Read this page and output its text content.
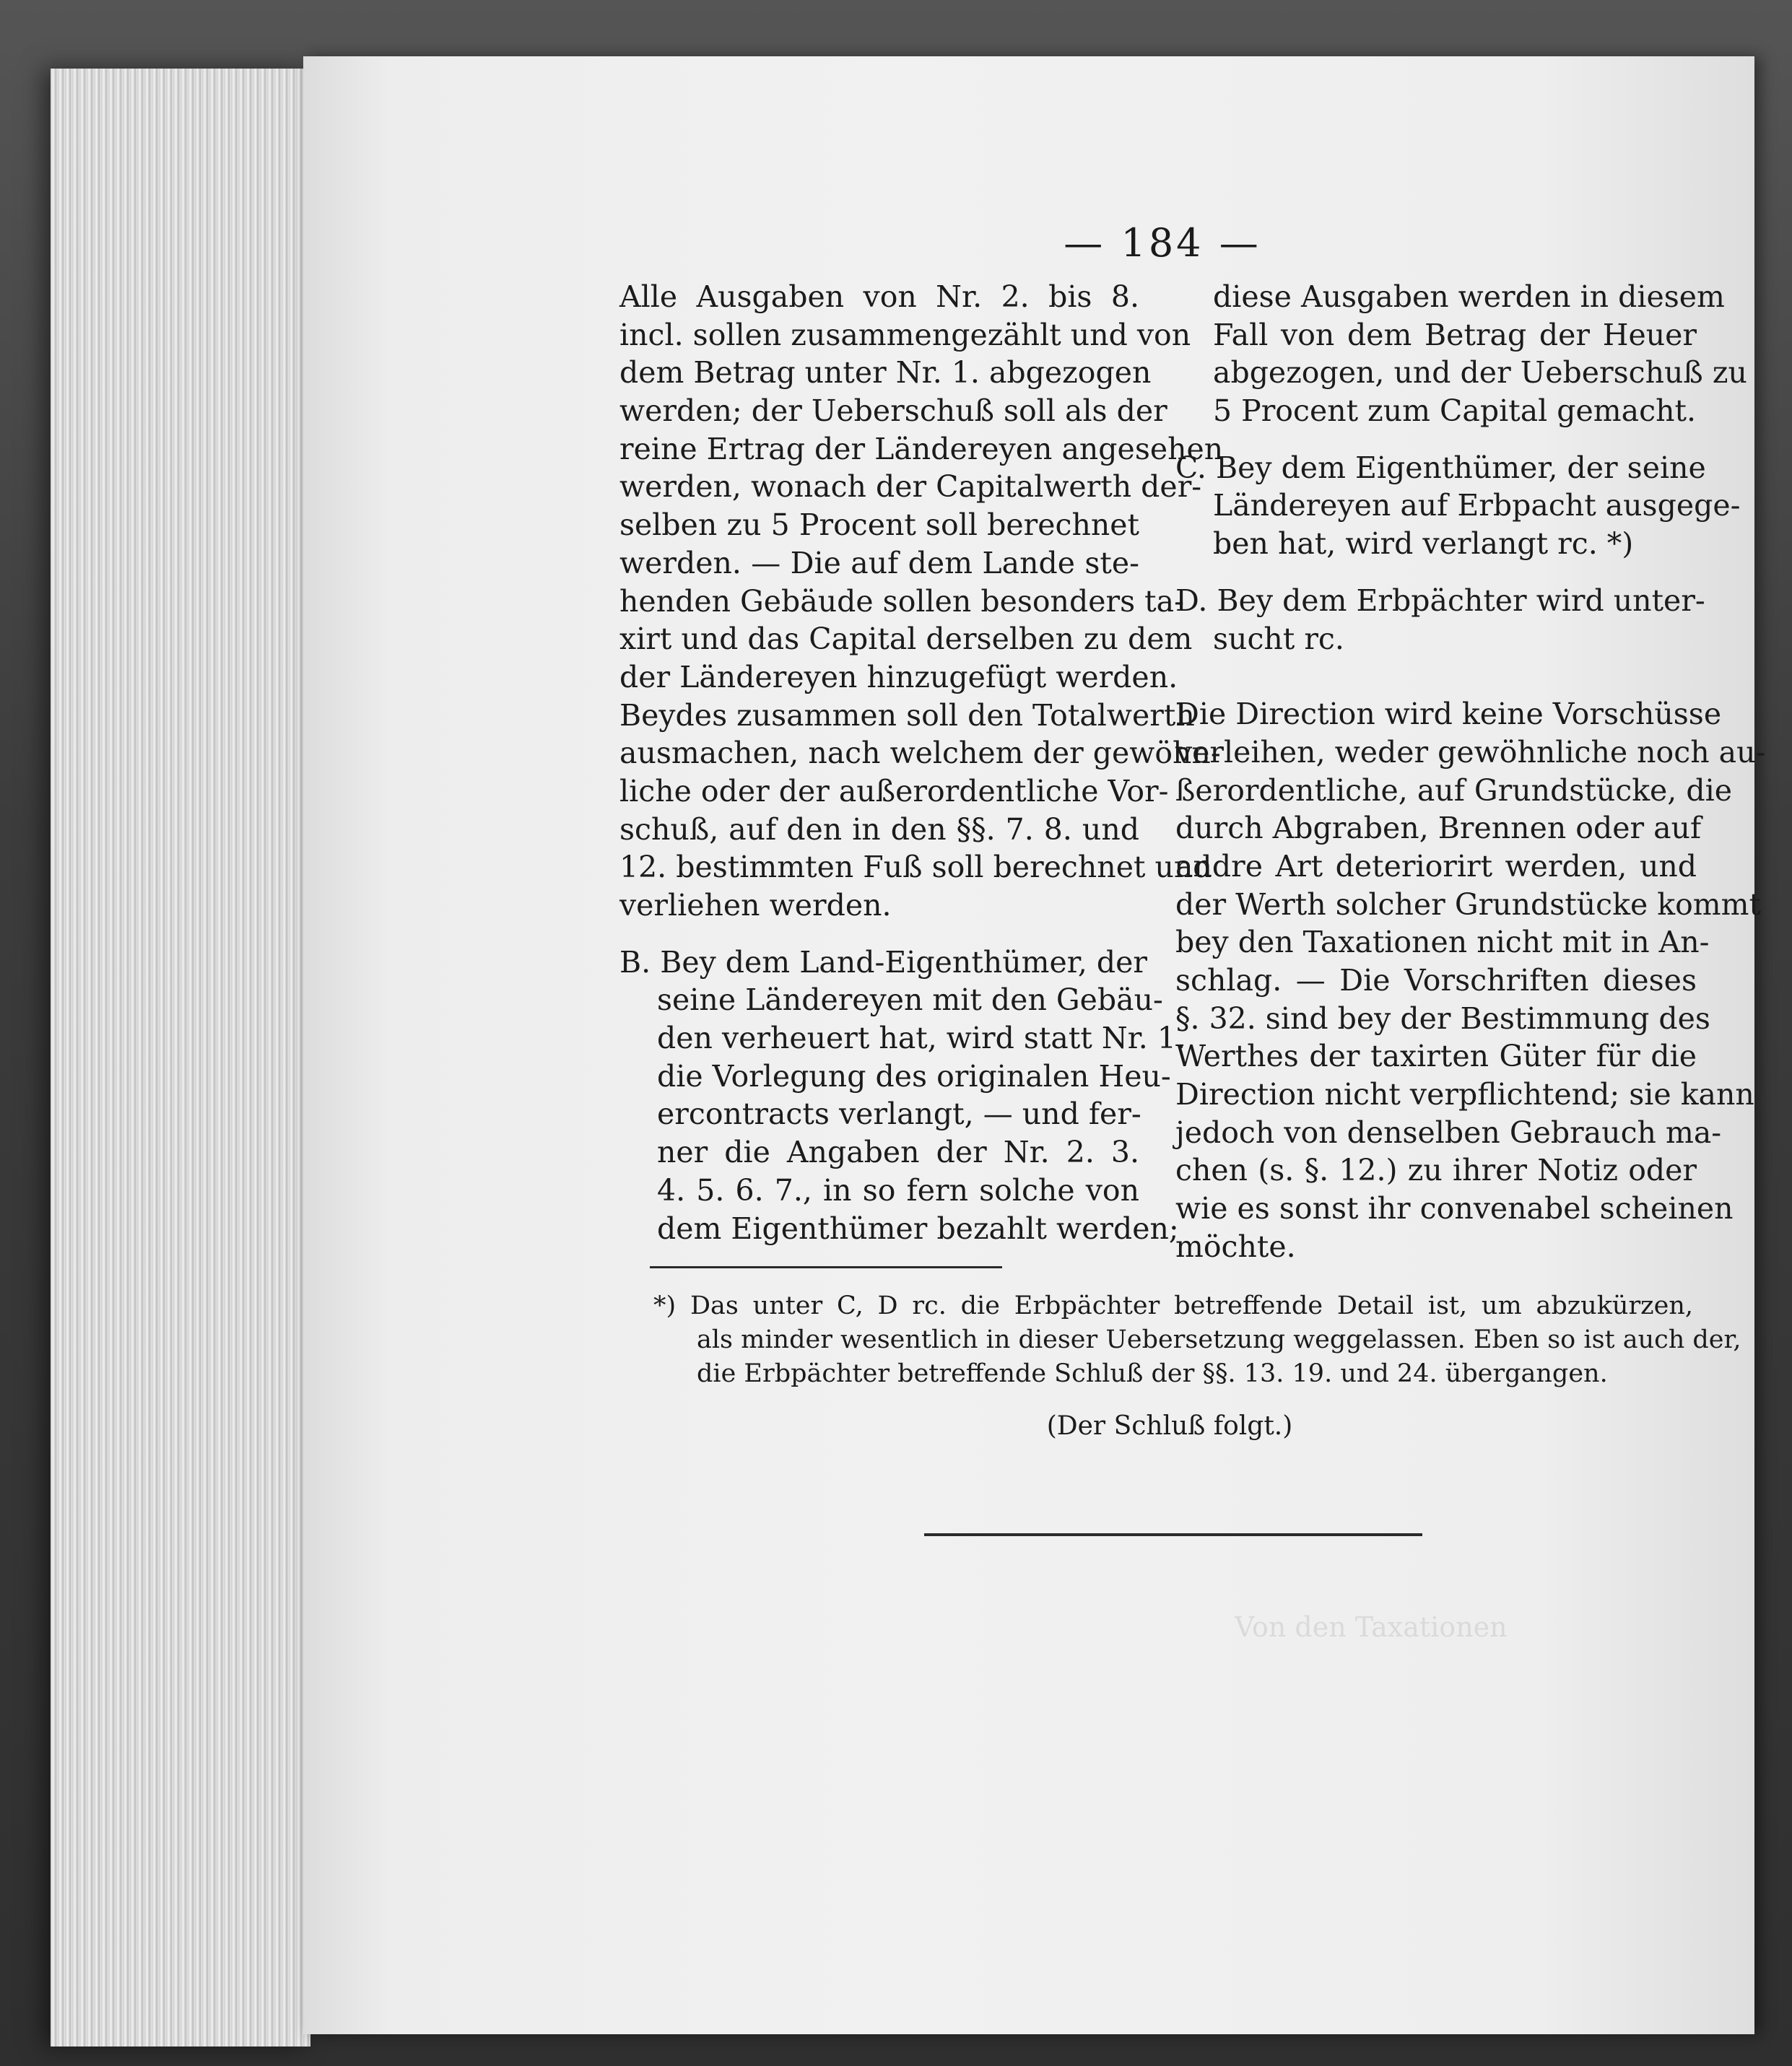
Von den Taxationen
— 184 —
Alle Ausgaben von Nr. 2. bis 8.
incl. sollen zusammengezählt und von
dem Betrag unter Nr. 1. abgezogen
werden; der Ueberschuß soll als der
reine Ertrag der Ländereyen angesehen
werden, wonach der Capitalwerth der-
selben zu 5 Procent soll berechnet
werden. — Die auf dem Lande ste-
henden Gebäude sollen besonders ta-
xirt und das Capital derselben zu dem
der Ländereyen hinzugefügt werden.
Beydes zusammen soll den Totalwerth
ausmachen, nach welchem der gewöhn-
liche oder der außerordentliche Vor-
schuß, auf den in den §§. 7. 8. und
12. bestimmten Fuß soll berechnet und
verliehen werden.
B. Bey dem Land-Eigenthümer, der
seine Ländereyen mit den Gebäu-
den verheuert hat, wird statt Nr. 1.
die Vorlegung des originalen Heu-
ercontracts verlangt, — und fer-
ner die Angaben der Nr. 2. 3.
4. 5. 6. 7., in so fern solche von
dem Eigenthümer bezahlt werden;
diese Ausgaben werden in diesem
Fall von dem Betrag der Heuer
abgezogen, und der Ueberschuß zu
5 Procent zum Capital gemacht.
C. Bey dem Eigenthümer, der seine
Ländereyen auf Erbpacht ausgege-
ben hat, wird verlangt rc. *)
D. Bey dem Erbpächter wird unter-
sucht rc.
Die Direction wird keine Vorschüsse
verleihen, weder gewöhnliche noch au-
ßerordentliche, auf Grundstücke, die
durch Abgraben, Brennen oder auf
andre Art deteriorirt werden, und
der Werth solcher Grundstücke kommt
bey den Taxationen nicht mit in An-
schlag. — Die Vorschriften dieses
§. 32. sind bey der Bestimmung des
Werthes der taxirten Güter für die
Direction nicht verpflichtend; sie kann
jedoch von denselben Gebrauch ma-
chen (s. §. 12.) zu ihrer Notiz oder
wie es sonst ihr convenabel scheinen
möchte.
*) Das unter C, D rc. die Erbpächter betreffende Detail ist, um abzukürzen,
als minder wesentlich in dieser Uebersetzung weggelassen. Eben so ist auch der,
die Erbpächter betreffende Schluß der §§. 13. 19. und 24. übergangen.
(Der Schluß folgt.)
